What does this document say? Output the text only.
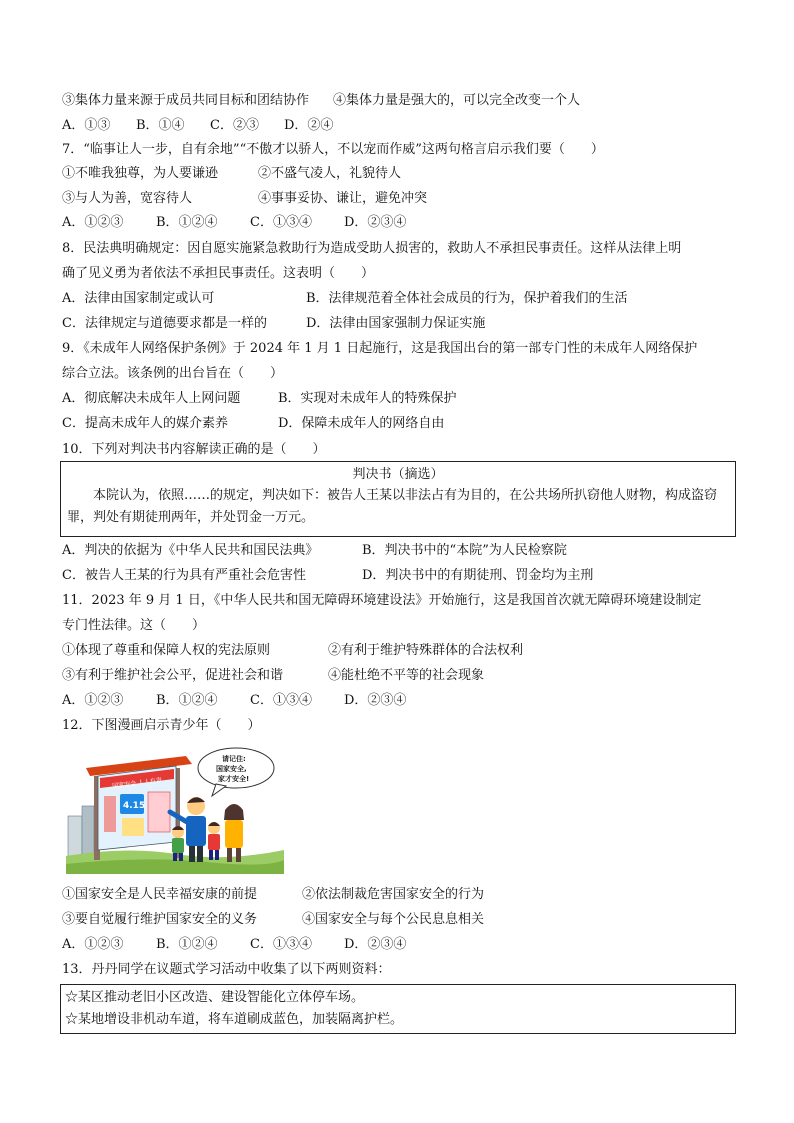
③集体力量来源于成员共同目标和团结协作 ④集体力量是强大的，可以完全改变一个人
A．①③ B．①④ C．②③ D．②④
7．“临事让人一步，自有余地”“不傲才以骄人，不以宠而作威”这两句格言启示我们要（　　）
①不唯我独尊，为人要谦逊	②不盛气凌人，礼貌待人
③与人为善，宽容待人	④事事妥协、谦让，避免冲突
A．①②③	B．①②④ C．①③④ D．②③④
8．民法典明确规定：因自愿实施紧急救助行为造成受助人损害的，救助人不承担民事责任。这样从法律上明
确了见义勇为者依法不承担民事责任。这表明（　　）
A．法律由国家制定或认可	B．法律规范着全体社会成员的行为，保护着我们的生活
C．法律规定与道德要求都是一样的	D．法律由国家强制力保证实施
9．《未成年人网络保护条例》于 2024 年 1 月 1 日起施行，这是我国出台的第一部专门性的未成年人网络保护
综合立法。该条例的出台旨在（　　）
A．彻底解决未成年人上网问题	B．实现对未成年人的特殊保护
C．提高未成年人的媒介素养	D．保障未成年人的网络自由
10．下列对判决书内容解读正确的是（　　）
判决书（摘选）
本院认为，依照……的规定，判决如下：被告人王某以非法占有为目的，在公共场所扒窃他人财物，构成盗窃罪，判处有期徒刑两年，并处罚金一万元。
A．判决的依据为《中华人民共和国民法典》	B．判决书中的“本院”为人民检察院
C．被告人王某的行为具有严重社会危害性	D．判决书中的有期徒刑、罚金均为主刑
11．2023 年 9 月 1 日，《中华人民共和国无障碍环境建设法》开始施行，这是我国首次就无障碍环境建设制定
专门性法律。这（　　）
①体现了尊重和保障人权的宪法原则	②有利于维护特殊群体的合法权利
③有利于维护社会公平，促进社会和谐	④能杜绝不平等的社会现象
A．①②③	B．①②④ C．①③④ D．②③④
12．下图漫画启示青少年（　　）
国家安全 人人有责
4.15
请记住: 国家安全, 家才安全!
①国家安全是人民幸福安康的前提	②依法制裁危害国家安全的行为
③要自觉履行维护国家安全的义务	④国家安全与每个公民息息相关
A．①②③	B．①②④ C．①③④ D．②③④
13．丹丹同学在议题式学习活动中收集了以下两则资料：
☆某区推动老旧小区改造、建设智能化立体停车场。
☆某地增设非机动车道，将车道刷成蓝色，加装隔离护栏。
